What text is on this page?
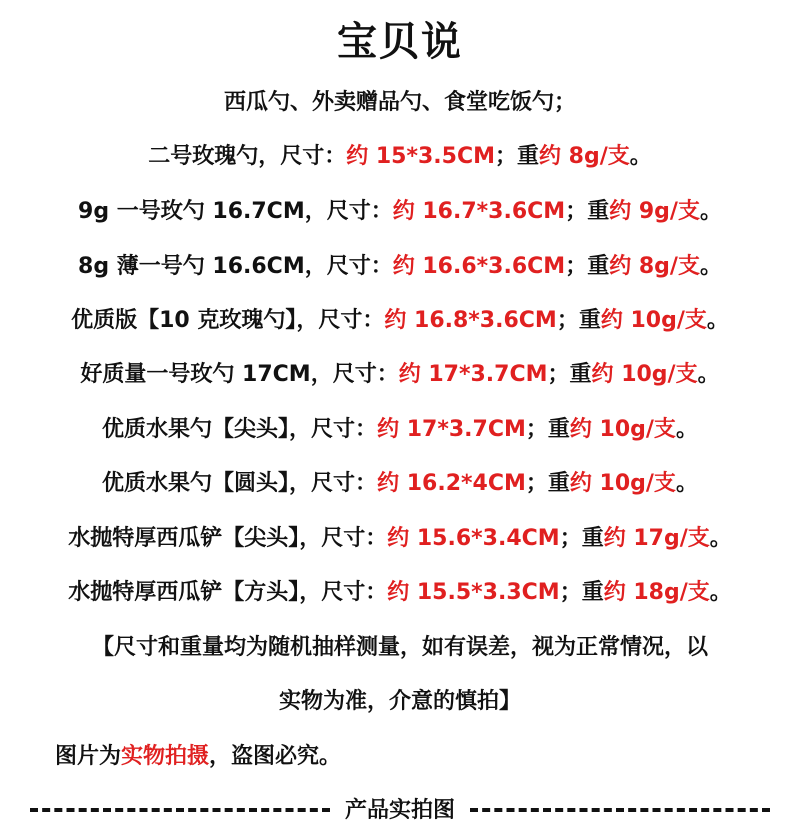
宝贝说
西瓜勺、外卖赠品勺、食堂吃饭勺；
二号玫瑰勺，尺寸：约 15*3.5CM；重约 8g/支。
9g 一号玫勺 16.7CM，尺寸：约 16.7*3.6CM；重约 9g/支。
8g 薄一号勺 16.6CM，尺寸：约 16.6*3.6CM；重约 8g/支。
优质版【10 克玫瑰勺】，尺寸：约 16.8*3.6CM；重约 10g/支。
好质量一号玫勺 17CM，尺寸：约 17*3.7CM；重约 10g/支。
优质水果勺【尖头】，尺寸：约 17*3.7CM；重约 10g/支。
优质水果勺【圆头】，尺寸：约 16.2*4CM；重约 10g/支。
水抛特厚西瓜铲【尖头】，尺寸：约 15.6*3.4CM；重约 17g/支。
水抛特厚西瓜铲【方头】，尺寸：约 15.5*3.3CM；重约 18g/支。
【尺寸和重量均为随机抽样测量，如有误差，视为正常情况，以
实物为准，介意的慎拍】
图片为实物拍摄，盗图必究。
产品实拍图
